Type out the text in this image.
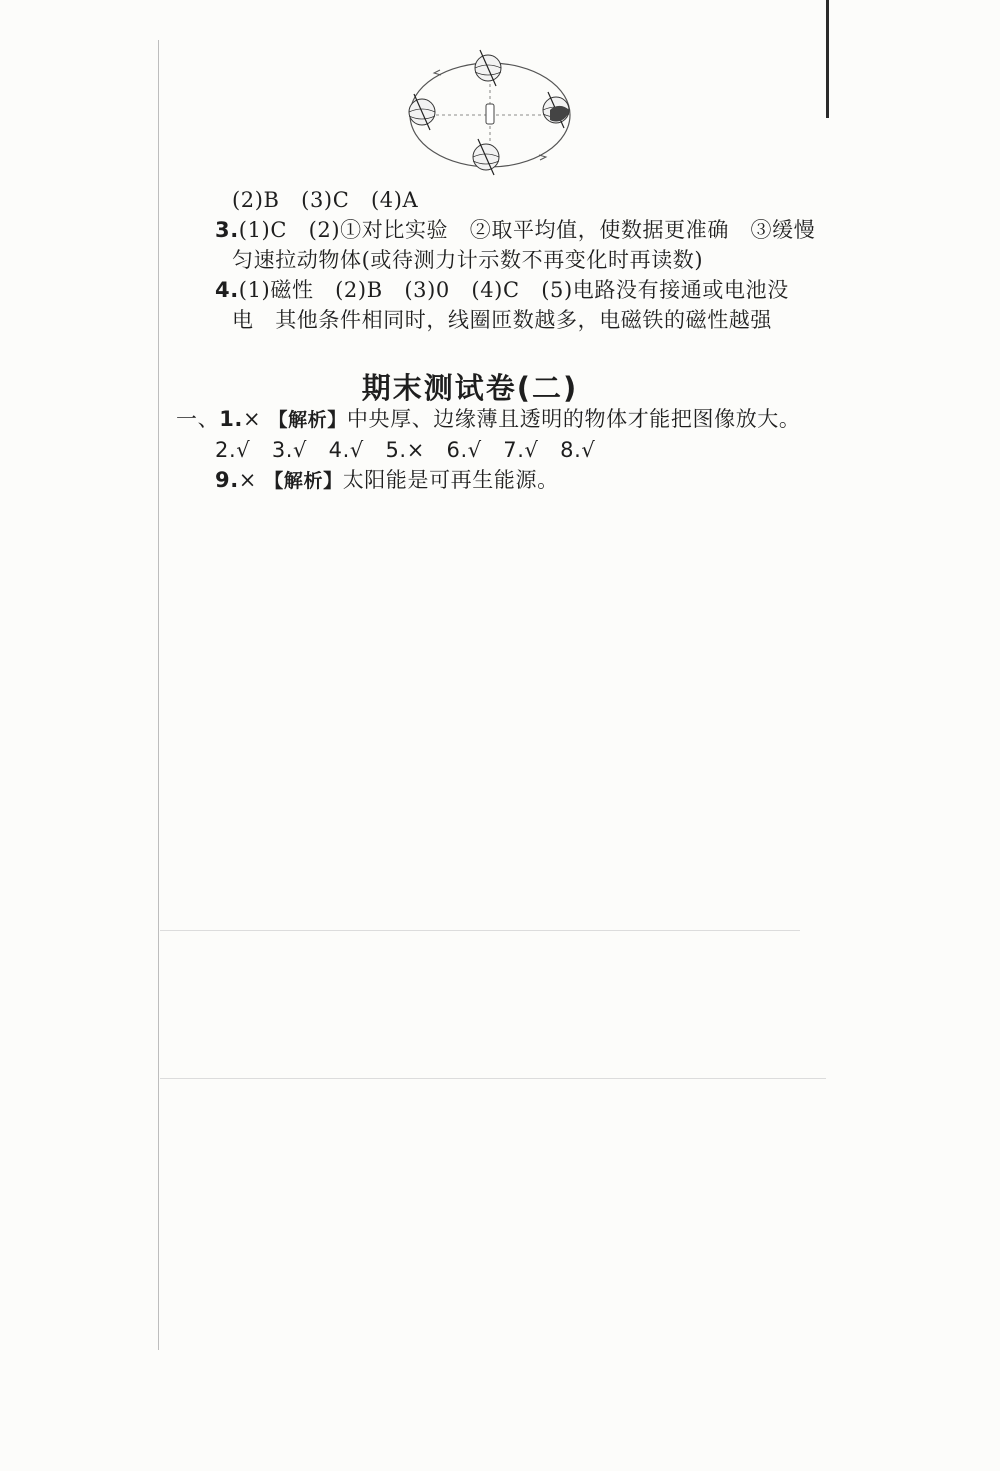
(2)B　(3)C　(4)A
3.(1)C　(2)①对比实验　②取平均值，使数据更准确　③缓慢
匀速拉动物体(或待测力计示数不再变化时再读数)
4.(1)磁性　(2)B　(3)0　(4)C　(5)电路没有接通或电池没
电　其他条件相同时，线圈匝数越多，电磁铁的磁性越强
期末测试卷(二)
一、1.× 【解析】中央厚、边缘薄且透明的物体才能把图像放大。
2.√　3.√　4.√　5.×　6.√　7.√　8.√
9.× 【解析】太阳能是可再生能源。
